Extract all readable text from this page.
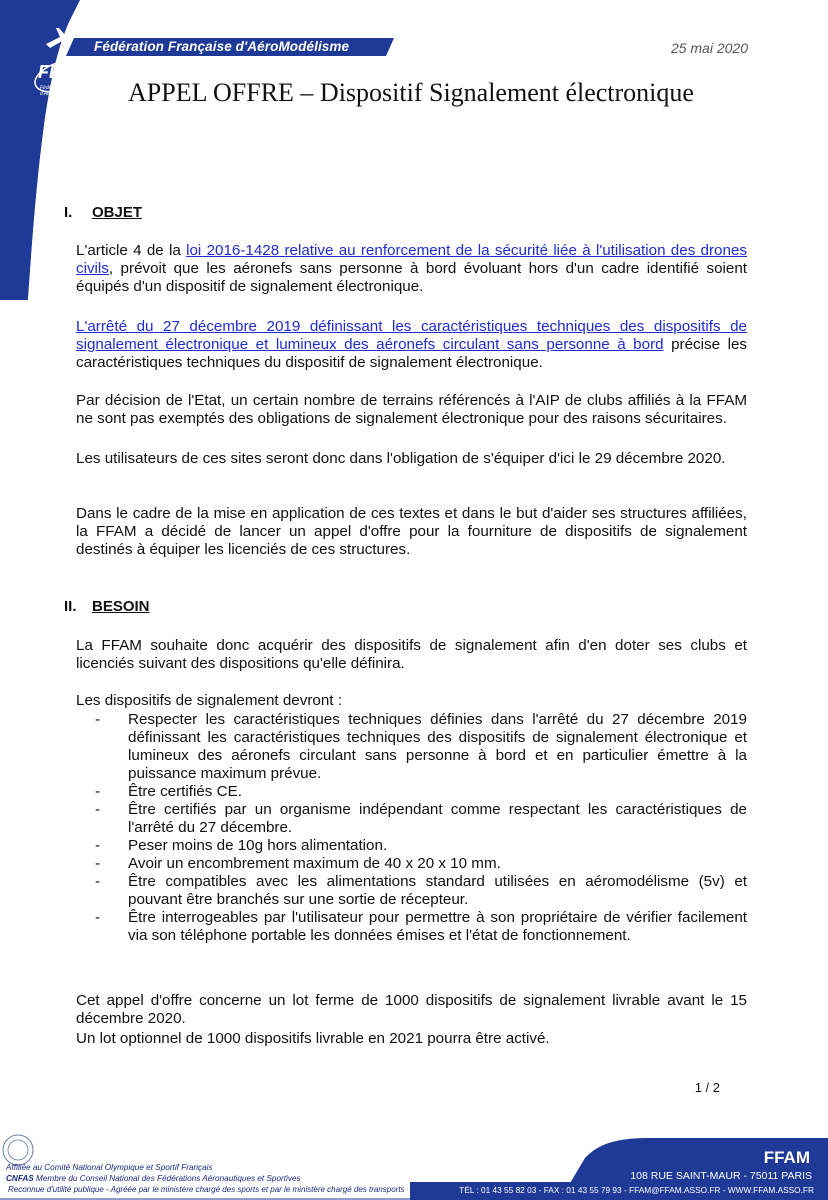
Fédération Française d'AéroModélisme
FFAM
Fédération Française d'AéroModélisme
25 mai 2020
APPEL OFFRE – Dispositif Signalement électronique
I. OBJET
L'article 4 de la loi 2016-1428 relative au renforcement de la sécurité liée à l'utilisation des drones civils, prévoit que les aéronefs sans personne à bord évoluant hors d'un cadre identifié soient équipés d'un dispositif de signalement électronique.
L'arrêté du 27 décembre 2019 définissant les caractéristiques techniques des dispositifs de signalement électronique et lumineux des aéronefs circulant sans personne à bord précise les caractéristiques techniques du dispositif de signalement électronique.
Par décision de l'Etat, un certain nombre de terrains référencés à l'AIP de clubs affiliés à la FFAM ne sont pas exemptés des obligations de signalement électronique pour des raisons sécuritaires.
Les utilisateurs de ces sites seront donc dans l'obligation de s'équiper d'ici le 29 décembre 2020.
Dans le cadre de la mise en application de ces textes et dans le but d'aider ses structures affiliées, la FFAM a décidé de lancer un appel d'offre pour la fourniture de dispositifs de signalement destinés à équiper les licenciés de ces structures.
II. BESOIN
La FFAM souhaite donc acquérir des dispositifs de signalement afin d'en doter ses clubs et licenciés suivant des dispositions qu'elle définira.
Les dispositifs de signalement devront :
- Respecter les caractéristiques techniques définies dans l'arrêté du 27 décembre 2019 définissant les caractéristiques techniques des dispositifs de signalement électronique et lumineux des aéronefs circulant sans personne à bord et en particulier émettre à la puissance maximum prévue.
- Être certifiés CE.
- Être certifiés par un organisme indépendant comme respectant les caractéristiques de l'arrêté du 27 décembre.
- Peser moins de 10g hors alimentation.
- Avoir un encombrement maximum de 40 x 20 x 10 mm.
- Être compatibles avec les alimentations standard utilisées en aéromodélisme (5v) et pouvant être branchés sur une sortie de récepteur.
- Être interrogeables par l'utilisateur pour permettre à son propriétaire de vérifier facilement via son téléphone portable les données émises et l'état de fonctionnement.
Cet appel d'offre concerne un lot ferme de 1000 dispositifs de signalement livrable avant le 15 décembre 2020.
Un lot optionnel de 1000 dispositifs livrable en 2021 pourra être activé.
1 / 2
Affiliée au Comité National Olympique et Sportif Français
CNFAS Membre du Conseil National des Fédérations Aéronautiques et Sportives
Reconnue d'utilité publique - Agréée par le ministère chargé des sports et par le ministère chargé des transports
FFAM
108 RUE SAINT-MAUR - 75011 PARIS
TÉL : 01 43 55 82 03 - FAX : 01 43 55 79 93 - FFAM@FFAM.ASSO.FR - WWW.FFAM.ASSO.FR
